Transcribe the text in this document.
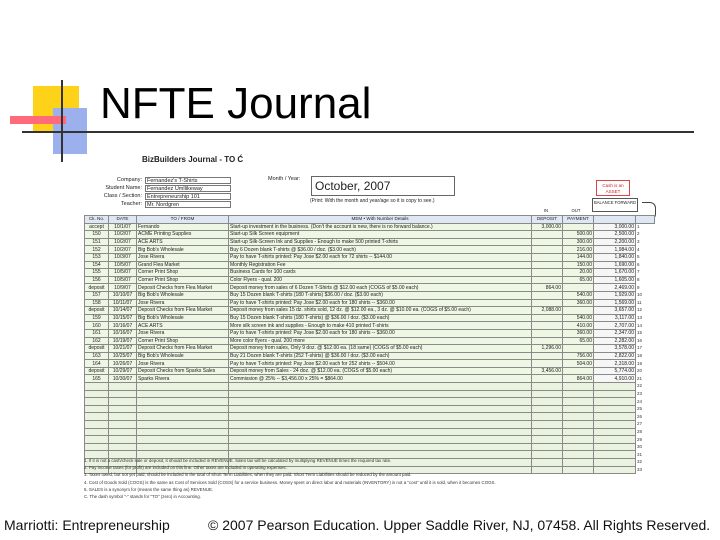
NFTE Journal
BizBuilders Journal - TO Ć
Company: Fernandez's T-Shirts
Student Name: Fernandez Umllikeway
Class / Section: Entrepreneurship 101
Teacher: Mr. Nordgren
Month / Year:	October, 2007
(Print: With the month and year/age so it is copy to see.)
Cash is an ASSET
BALANCE FORWARD
IN	OUT
Ck. No.	DATE	TO / FROM	MEM • With Number Details	DEPOSIT	PAYMENT		
accept	10/1/07	Fernando	Start-up investment in the business. (Don't the account is new, there is no forward balance.)	3,000.00		3,000.00	1
150	10/2/07	ACME Printing Supplies	Start-up Silk Screen equipment		500.00	2,500.00	2
151	10/2/07	ACE ARTS	Start-up Silk-Screen Ink and Supplies - Enough to make 500 printed T-shirts		300.00	2,200.00	3
152	10/2/07	Big Bob's Wholesale	Buy 6 Dozen blank T-shirts @ $36.00 / doz. ($3.00 each)		216.00	1,984.00	4
153	10/3/07	Jose Rivera	Pay to have T-shirts printed: Pay Jose $2.00 each for 72 shirts -- $144.00		144.00	1,840.00	5
154	10/5/07	Grand Flea Market	Monthly Registration Fee		150.00	1,690.00	6
155	10/5/07	Corner Print Shop	Business Cards for 100 cards		20.00	1,670.00	7
156	10/5/07	Corner Print Shop	Color Flyers - qual. 200		65.00	1,605.00	8
deposit	10/9/07	Deposit Checks from Flea Market	Deposit money from sales of 6 Dozen T-Shirts @ $12.00 each (COGS of $5.00 each)	864.00		2,469.00	9
157	10/10/07	Big Bob's Wholesale	Buy 15 Dozen blank T-shirts (180 T-shirts) $36.00 / doz. ($3.00 each)		540.00	1,929.00	10
158	10/11/07	Jose Rivera	Pay to have T-shirts printed: Pay Jose $2.00 each for 180 shirts -- $360.00		360.00	1,569.00	11
deposit	10/14/07	Deposit Checks from Flea Market	Deposit money from sales 15 dz. shirts sold, 12 dz. @ $12.00 ea., 3 dz. @ $10.00 ea. (COGS of $5.00 each)	2,088.00		3,657.00	12
159	10/15/07	Big Bob's Wholesale	Buy 15 Dozen blank T-shirts (180 T-shirts) @ $36.00 / doz. ($3.00 each)		540.00	3,117.00	13
160	10/16/07	ACE ARTS	More silk screen ink and supplies - Enough to make 410 printed T-shirts		410.00	2,707.00	14
161	10/16/07	Jose Rivera	Pay to have T-shirts printed: Pay Jose $2.00 each for 180 shirts -- $360.00		360.00	2,347.00	15
162	10/19/07	Corner Print Shop	More color flyers - qual. 200 more		65.00	2,282.00	16
deposit	10/21/07	Deposit Checks from Flea Market	Deposit money from sales, Only 9 doz. @ $12.00 ea. (18 same) (COGS of $5.00 each)	1,296.00		3,578.00	17
163	10/25/07	Big Bob's Wholesale	Buy 21 Dozen blank T-shirts (252 T-shirts) @ $36.00 / doz. ($3.00 each)		756.00	2,822.00	18
164	10/26/07	Jose Rivera	Pay to have T-shirts printed: Pay Jose $2.00 each for 252 shirts -- $504.00		504.00	2,318.00	19
deposit	10/29/07	Deposit Checks from Sparks Sales	Deposit money from Sales - 24 doz. @ $12.00 ea. (COGS of $5.00 each)	3,456.00		5,774.00	20
165	10/30/07	Sparks Rivera	Commission @ 25% -- $3,456.00 x 25% = $864.00		864.00	4,910.00	21
							22
							23
							24
							25
							26
							27
							28
							29
							30
							31
							32
							33
1. If it is not a cash/check sale or deposit, it should be included in REVENUE. Sales tax will be calculated by multiplying REVENUE times the required tax rate.
2. Pay income taxes (for profit) are included on this line. Other taxes are included in operating expenses.
3. Taxes owed, but not yet paid, should be included in the total of Short Term Liabilities, when they are paid, Short Term Liabilities should be reduced by the amount paid.
4. Cost of Goods Sold (COGS) is the same as Cost of Services Sold (COSS) for a service business. Money spent on direct labor and materials (INVENTORY) is not a "cost" until it is sold, when it becomes COGS.
5. SALES is a synonym for (means the same thing as) REVENUE.
C. The dash symbol "-" stands for "TO" (zero) in Accounting.
Marriotti: Entrepreneurship	© 2007 Pearson Education. Upper Saddle River, NJ, 07458. All Rights Reserved.
